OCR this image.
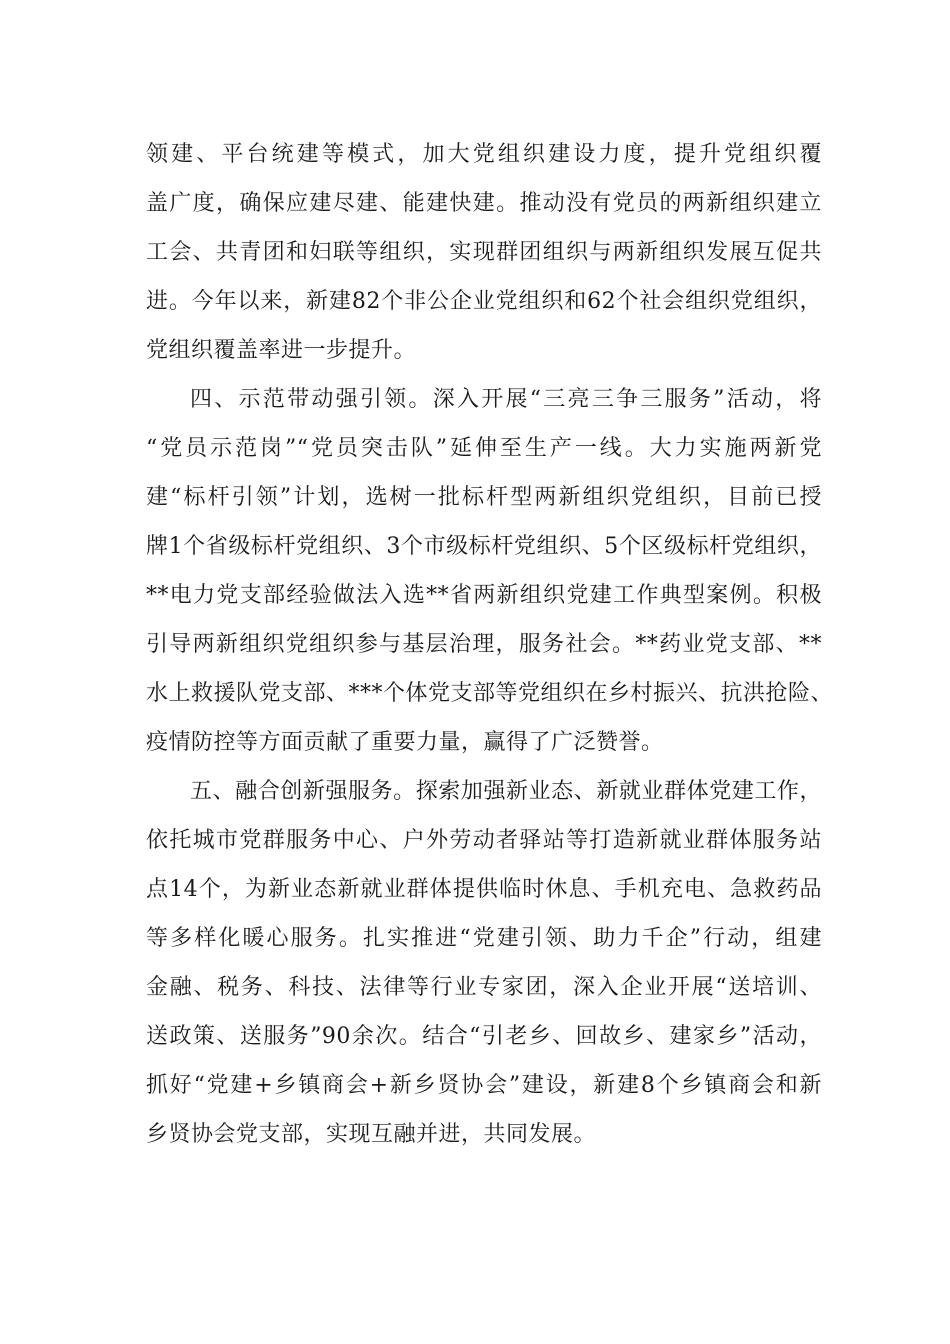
领建、平台统建等模式，加大党组织建设力度，提升党组织覆
盖广度，确保应建尽建、能建快建。推动没有党员的两新组织建立
工会、共青团和妇联等组织，实现群团组织与两新组织发展互促共
进。今年以来，新建82个非公企业党组织和62个社会组织党组织，
党组织覆盖率进一步提升。
四、示范带动强引领。深入开展“三亮三争三服务”活动，将
“党员示范岗”“党员突击队”延伸至生产一线。大力实施两新党
建“标杆引领”计划，选树一批标杆型两新组织党组织，目前已授
牌1个省级标杆党组织、3个市级标杆党组织、5个区级标杆党组织，
**电力党支部经验做法入选**省两新组织党建工作典型案例。积极
引导两新组织党组织参与基层治理，服务社会。**药业党支部、**
水上救援队党支部、***个体党支部等党组织在乡村振兴、抗洪抢险、
疫情防控等方面贡献了重要力量，赢得了广泛赞誉。
五、融合创新强服务。探索加强新业态、新就业群体党建工作，
依托城市党群服务中心、户外劳动者驿站等打造新就业群体服务站
点14个，为新业态新就业群体提供临时休息、手机充电、急救药品
等多样化暖心服务。扎实推进“党建引领、助力千企”行动，组建
金融、税务、科技、法律等行业专家团，深入企业开展“送培训、
送政策、送服务”90余次。结合“引老乡、回故乡、建家乡”活动，
抓好“党建+乡镇商会+新乡贤协会”建设，新建8个乡镇商会和新
乡贤协会党支部，实现互融并进，共同发展。
